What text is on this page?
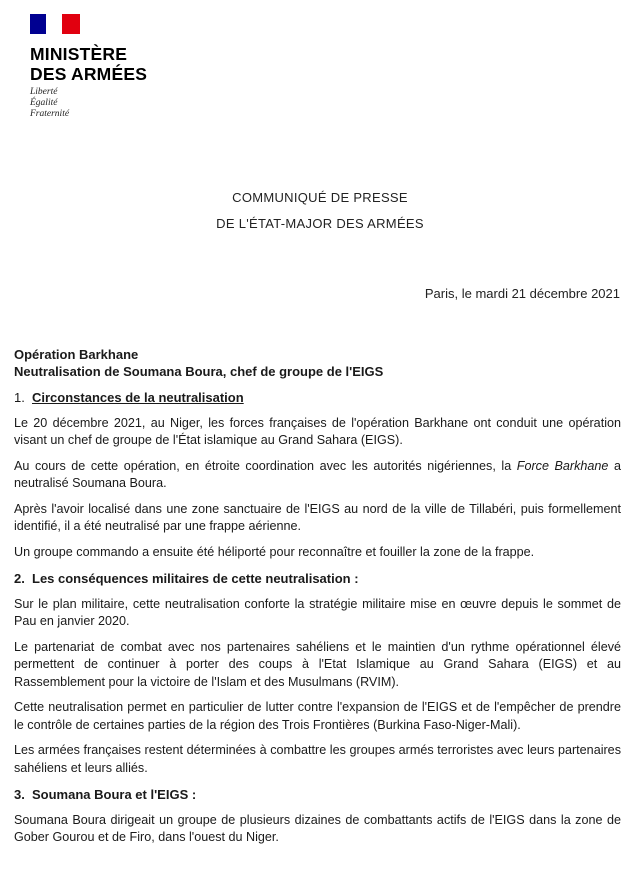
MINISTÈRE
DES ARMÉES
Liberté
Égalité
Fraternité
COMMUNIQUÉ DE PRESSE
DE L'ÉTAT-MAJOR DES ARMÉES
Paris, le mardi 21 décembre 2021
Opération Barkhane
Neutralisation de Soumana Boura, chef de groupe de l'EIGS
1. Circonstances de la neutralisation

Le 20 décembre 2021, au Niger, les forces françaises de l'opération Barkhane ont conduit une opération visant un chef de groupe de l'État islamique au Grand Sahara (EIGS).

Au cours de cette opération, en étroite coordination avec les autorités nigériennes, la Force Barkhane a neutralisé Soumana Boura.

Après l'avoir localisé dans une zone sanctuaire de l'EIGS au nord de la ville de Tillabéri, puis formellement identifié, il a été neutralisé par une frappe aérienne.

Un groupe commando a ensuite été héliporté pour reconnaître et fouiller la zone de la frappe.

2. Les conséquences militaires de cette neutralisation :

Sur le plan militaire, cette neutralisation conforte la stratégie militaire mise en œuvre depuis le sommet de Pau en janvier 2020.

Le partenariat de combat avec nos partenaires sahéliens et le maintien d'un rythme opérationnel élevé permettent de continuer à porter des coups à l'Etat Islamique au Grand Sahara (EIGS) et au Rassemblement pour la victoire de l'Islam et des Musulmans (RVIM).

Cette neutralisation permet en particulier de lutter contre l'expansion de l'EIGS et de l'empêcher de prendre le contrôle de certaines parties de la région des Trois Frontières (Burkina Faso-Niger-Mali).

Les armées françaises restent déterminées à combattre les groupes armés terroristes avec leurs partenaires sahéliens et leurs alliés.

3. Soumana Boura et l'EIGS :

Soumana Boura dirigeait un groupe de plusieurs dizaines de combattants actifs de l'EIGS dans la zone de Gober Gourou et de Firo, dans l'ouest du Niger.
